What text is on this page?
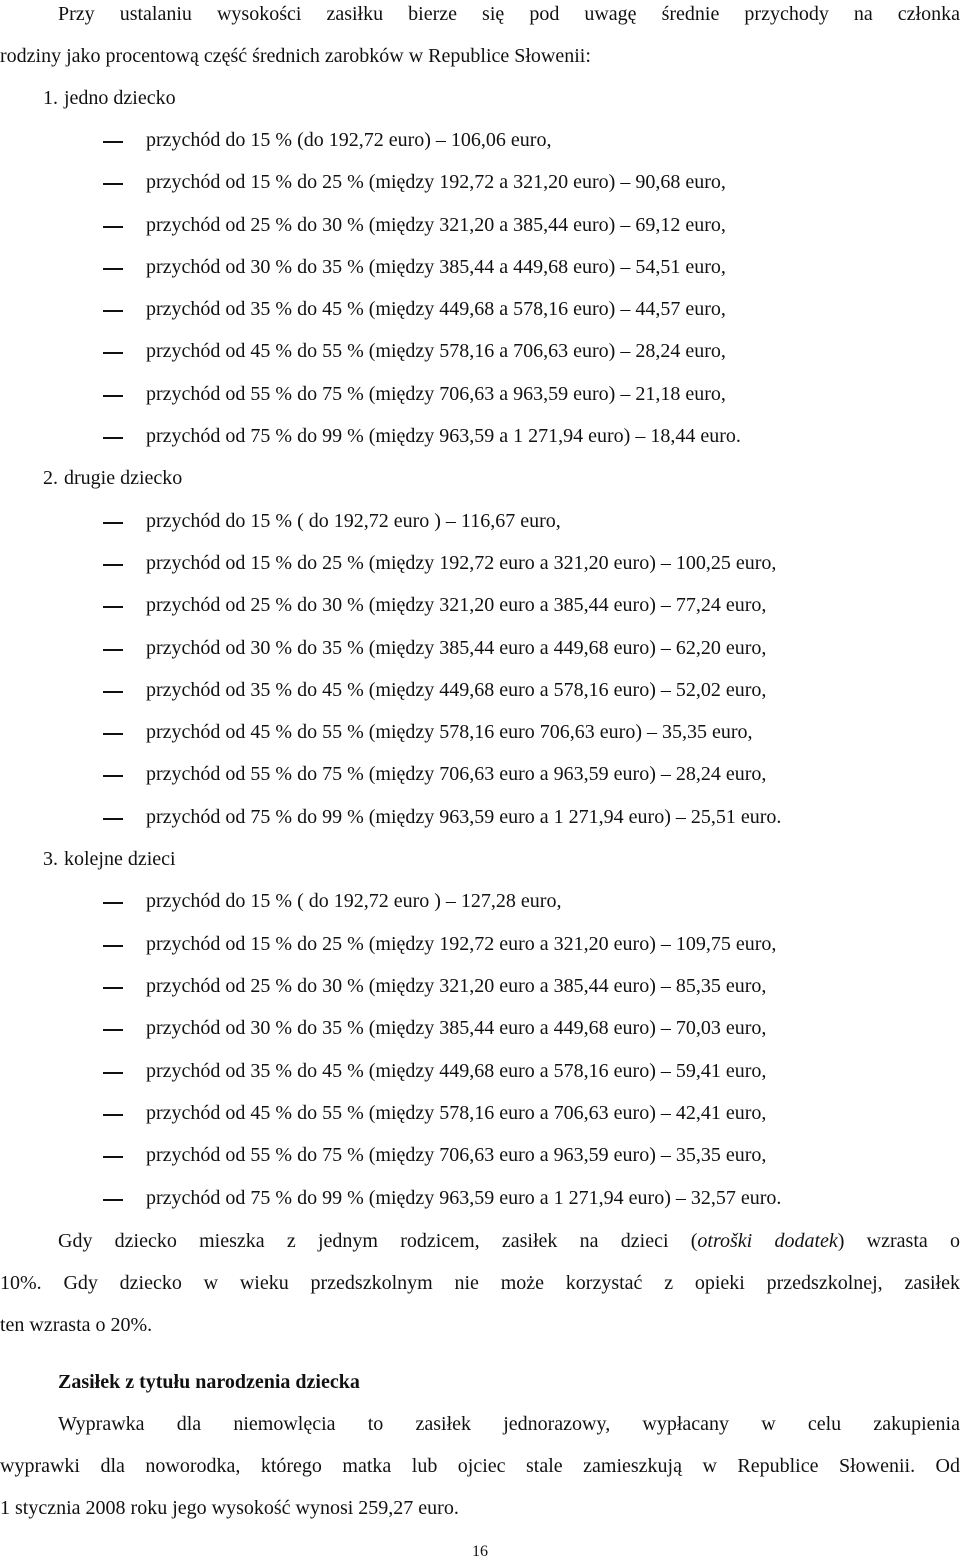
Przy ustalaniu wysokości zasiłku bierze się pod uwagę średnie przychody na członka
rodziny jako procentową część średnich zarobków w Republice Słowenii:
1. jedno dziecko
przychód do 15 % (do 192,72 euro) – 106,06 euro,
przychód od 15 % do 25 % (między 192,72 a 321,20 euro) – 90,68 euro,
przychód od 25 % do 30 % (między 321,20 a 385,44 euro) – 69,12 euro,
przychód od 30 % do 35 % (między 385,44 a 449,68 euro) – 54,51 euro,
przychód od 35 % do 45 % (między 449,68 a 578,16 euro) – 44,57 euro,
przychód od 45 % do 55 % (między 578,16 a 706,63 euro) – 28,24 euro,
przychód od 55 % do 75 % (między 706,63 a 963,59 euro) – 21,18 euro,
przychód od 75 % do 99 % (między 963,59 a 1 271,94 euro) – 18,44 euro.
2. drugie dziecko
przychód do 15 % ( do 192,72 euro ) – 116,67 euro,
przychód od 15 % do 25 % (między 192,72 euro a 321,20 euro) – 100,25 euro,
przychód od 25 % do 30 % (między 321,20 euro a 385,44 euro) – 77,24 euro,
przychód od 30 % do 35 % (między 385,44 euro a 449,68 euro) – 62,20 euro,
przychód od 35 % do 45 % (między 449,68 euro a 578,16 euro) – 52,02 euro,
przychód od 45 % do 55 % (między 578,16 euro 706,63 euro) – 35,35 euro,
przychód od 55 % do 75 % (między 706,63 euro a 963,59 euro) – 28,24 euro,
przychód od 75 % do 99 % (między 963,59 euro a 1 271,94 euro) – 25,51 euro.
3. kolejne dzieci
przychód do 15 % ( do 192,72 euro ) – 127,28 euro,
przychód od 15 % do 25 % (między 192,72 euro a 321,20 euro) – 109,75 euro,
przychód od 25 % do 30 % (między 321,20 euro a 385,44 euro) – 85,35 euro,
przychód od 30 % do 35 % (między 385,44 euro a 449,68 euro) – 70,03 euro,
przychód od 35 % do 45 % (między 449,68 euro a 578,16 euro) – 59,41 euro,
przychód od 45 % do 55 % (między 578,16 euro a 706,63 euro) – 42,41 euro,
przychód od 55 % do 75 % (między 706,63 euro a 963,59 euro) – 35,35 euro,
przychód od 75 % do 99 % (między 963,59 euro a 1 271,94 euro) – 32,57 euro.
Gdy dziecko mieszka z jednym rodzicem, zasiłek na dzieci (otroški dodatek) wzrasta o
10%. Gdy dziecko w wieku przedszkolnym nie może korzystać z opieki przedszkolnej, zasiłek
ten wzrasta o 20%.
Zasiłek z tytułu narodzenia dziecka
Wyprawka dla niemowlęcia to zasiłek jednorazowy, wypłacany w celu zakupienia
wyprawki dla noworodka, którego matka lub ojciec stale zamieszkują w Republice Słowenii. Od
1 stycznia 2008 roku jego wysokość wynosi 259,27 euro.
16
